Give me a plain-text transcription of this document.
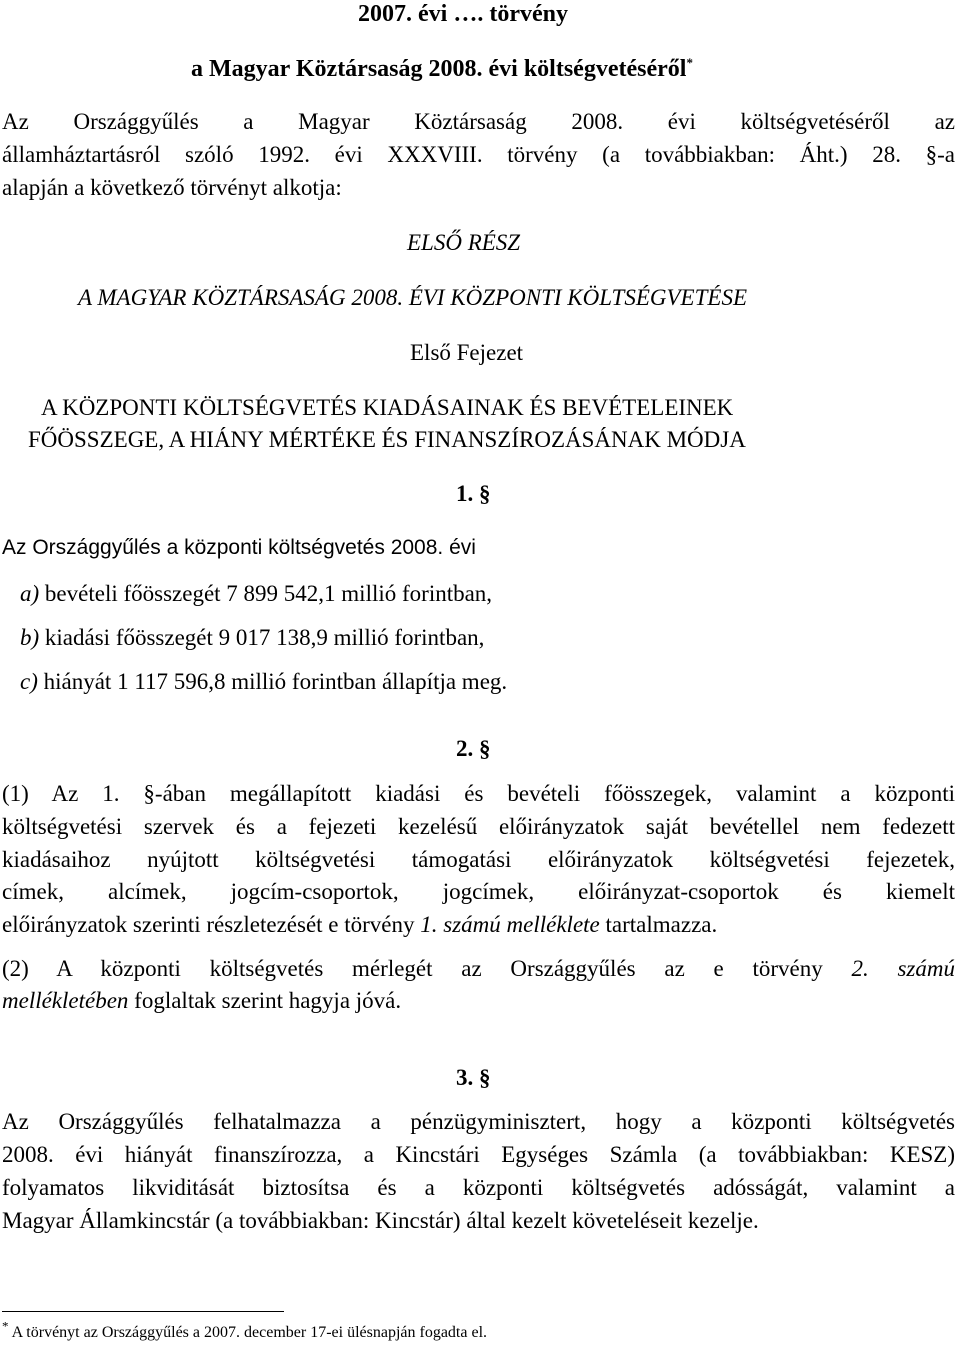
2007. évi …. törvény
a Magyar Köztársaság 2008. évi költségvetéséről*
Az Országgyűlés a Magyar Köztársaság 2008. évi költségvetéséről az
államháztartásról szóló 1992. évi XXXVIII. törvény (a továbbiakban: Áht.) 28. §-a
alapján a következő törvényt alkotja:
ELSŐ RÉSZ
A MAGYAR KÖZTÁRSASÁG 2008. ÉVI KÖZPONTI KÖLTSÉGVETÉSE
Első Fejezet
A KÖZPONTI KÖLTSÉGVETÉS KIADÁSAINAK ÉS BEVÉTELEINEK
FŐÖSSZEGE, A HIÁNY MÉRTÉKE ÉS FINANSZÍROZÁSÁNAK MÓDJA
1. §
Az Országgyűlés a központi költségvetés 2008. évi
a) bevételi főösszegét 7 899 542,1 millió forintban,
b) kiadási főösszegét 9 017 138,9 millió forintban,
c) hiányát 1 117 596,8 millió forintban állapítja meg.
2. §
(1) Az 1. §-ában megállapított kiadási és bevételi főösszegek, valamint a központi
költségvetési szervek és a fejezeti kezelésű előirányzatok saját bevétellel nem fedezett
kiadásaihoz nyújtott költségvetési támogatási előirányzatok költségvetési fejezetek,
címek, alcímek, jogcím-csoportok, jogcímek, előirányzat-csoportok és kiemelt
előirányzatok szerinti részletezését e törvény 1. számú melléklete tartalmazza.
(2) A központi költségvetés mérlegét az Országgyűlés az e törvény 2. számú
mellékletében foglaltak szerint hagyja jóvá.
3. §
Az Országgyűlés felhatalmazza a pénzügyminisztert, hogy a központi költségvetés
2008. évi hiányát finanszírozza, a Kincstári Egységes Számla (a továbbiakban: KESZ)
folyamatos likviditását biztosítsa és a központi költségvetés adósságát, valamint a
Magyar Államkincstár (a továbbiakban: Kincstár) által kezelt követeléseit kezelje.
* A törvényt az Országgyűlés a 2007. december 17-ei ülésnapján fogadta el.
